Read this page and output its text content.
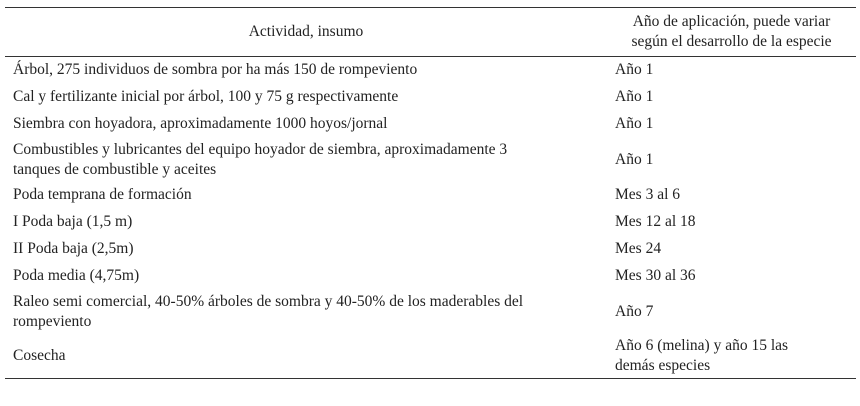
Actividad, insumo	Año de aplicación, puede variar
según el desarrollo de la especie

Árbol, 275 individuos de sombra por ha más 150 de rompeviento	Año 1

Cal y fertilizante inicial por árbol, 100 y 75 g respectivamente	Año 1

Siembra con hoyadora, aproximadamente 1000 hoyos/jornal	Año 1

Combustibles y lubricantes del equipo hoyador de siembra, aproximadamente 3
tanques de combustible y aceites	Año 1

Poda temprana de formación	Mes 3 al 6

I Poda baja (1,5 m)	Mes 12 al 18

II Poda baja (2,5m)	Mes 24

Poda media (4,75m)	Mes 30 al 36

Raleo semi comercial, 40-50% árboles de sombra y 40-50% de los maderables del
rompeviento	Año 7

Cosecha	Año 6 (melina) y año 15 las
demás especies
